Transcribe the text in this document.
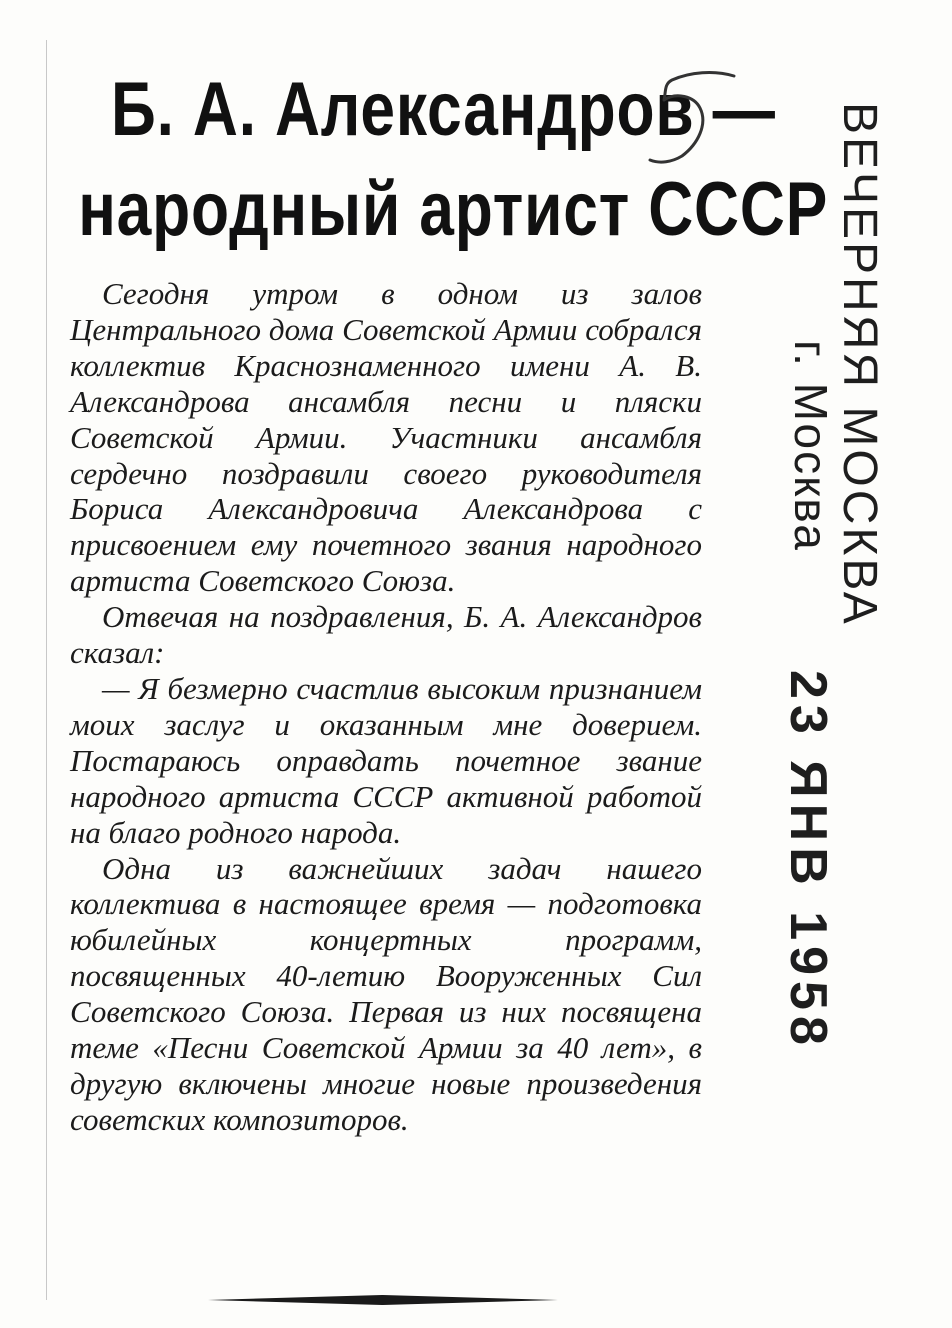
Б. А. Александров —
народный артист СССР

Сегодня утром в одном из залов Центрального дома Советской Армии собрался коллектив Краснознаменного имени А. В. Александрова ансамбля песни и пляски Советской Армии. Участники ансамбля сердечно поздравили своего руководителя Бориса Александровича Александрова с присвоением ему почетного звания народного артиста Советского Союза.

Отвечая на поздравления, Б. А. Александров сказал:

— Я безмерно счастлив высоким признанием моих заслуг и оказанным мне доверием. Постараюсь оправдать почетное звание народного артиста СССР активной работой на благо родного народа.

Одна из важнейших задач нашего коллектива в настоящее время — подготовка юбилейных концертных программ, посвященных 40-летию Вооруженных Сил Советского Союза. Первая из них посвящена теме «Песни Советской Армии за 40 лет», в другую включены многие новые произведения советских композиторов.

ВЕЧЕРНЯЯ МОСКВА
г. Москва
23 ЯНВ 1958
